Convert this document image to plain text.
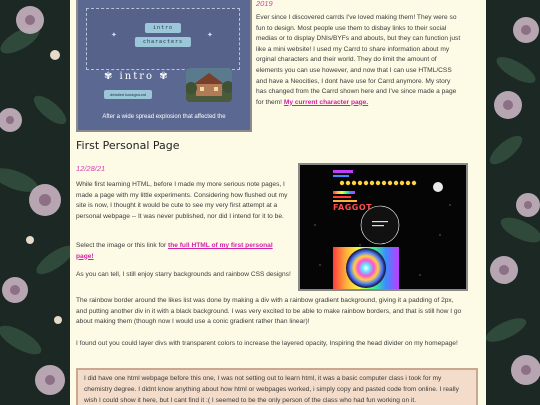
intro
characters
✦	✦
✾ intro ✾
detailed background
After a wide spread explosion that affected the
2019
Ever since I discovered carrds I've loved making them! They were so fun to design. Most people use them to disbay links to their social medias or to display DNIs/BYFs and abouts, but they can function just like a mini website! I used my Carrd to share information about my orginal characters and their world. They do limit the amount of elements you can use however, and now that I can use HTML/CSS and have a Neocities, I dont have use for Carrd anymore. My story has changed from the Carrd shown here and I've since made a page for them! My current character page.
First Personal Page
12/28/21
While first learning HTML, before I made my more serious note pages, I made a page with my little experiments. Considering how flushed out my site is now, I thought it would be cute to see my very first attempt at a personal webpage -- It was never published, nor did I intend for it to be.
Select the image or this link for the full HTML of my first personal page!
As you can tell, I still enjoy starry backgrounds and rainbow CSS designs!
The rainbow border around the likes list was done by making a div with a rainbow gradient background, giving it a padding of 2px, and putting another div in it with a black background. I was very excited to be able to make rainbow borders, and that is still how I go about making them (though now I would use a conic gradient rather than linear)!
I found out you could layer divs with transparent colors to increase the layered opacity, Inspiring the head divider on my homepage!
FAGGOT
I did have one html webpage before this one, I was not setting out to learn html, it was a basic computer class i took for my chemistry degree. I didnt know anything about how html or webpages worked, i simply copy and pasted code from online. I really wish I could show it here, but I cant find it :( I seemed to be the only person of the class who had fun working on it.
